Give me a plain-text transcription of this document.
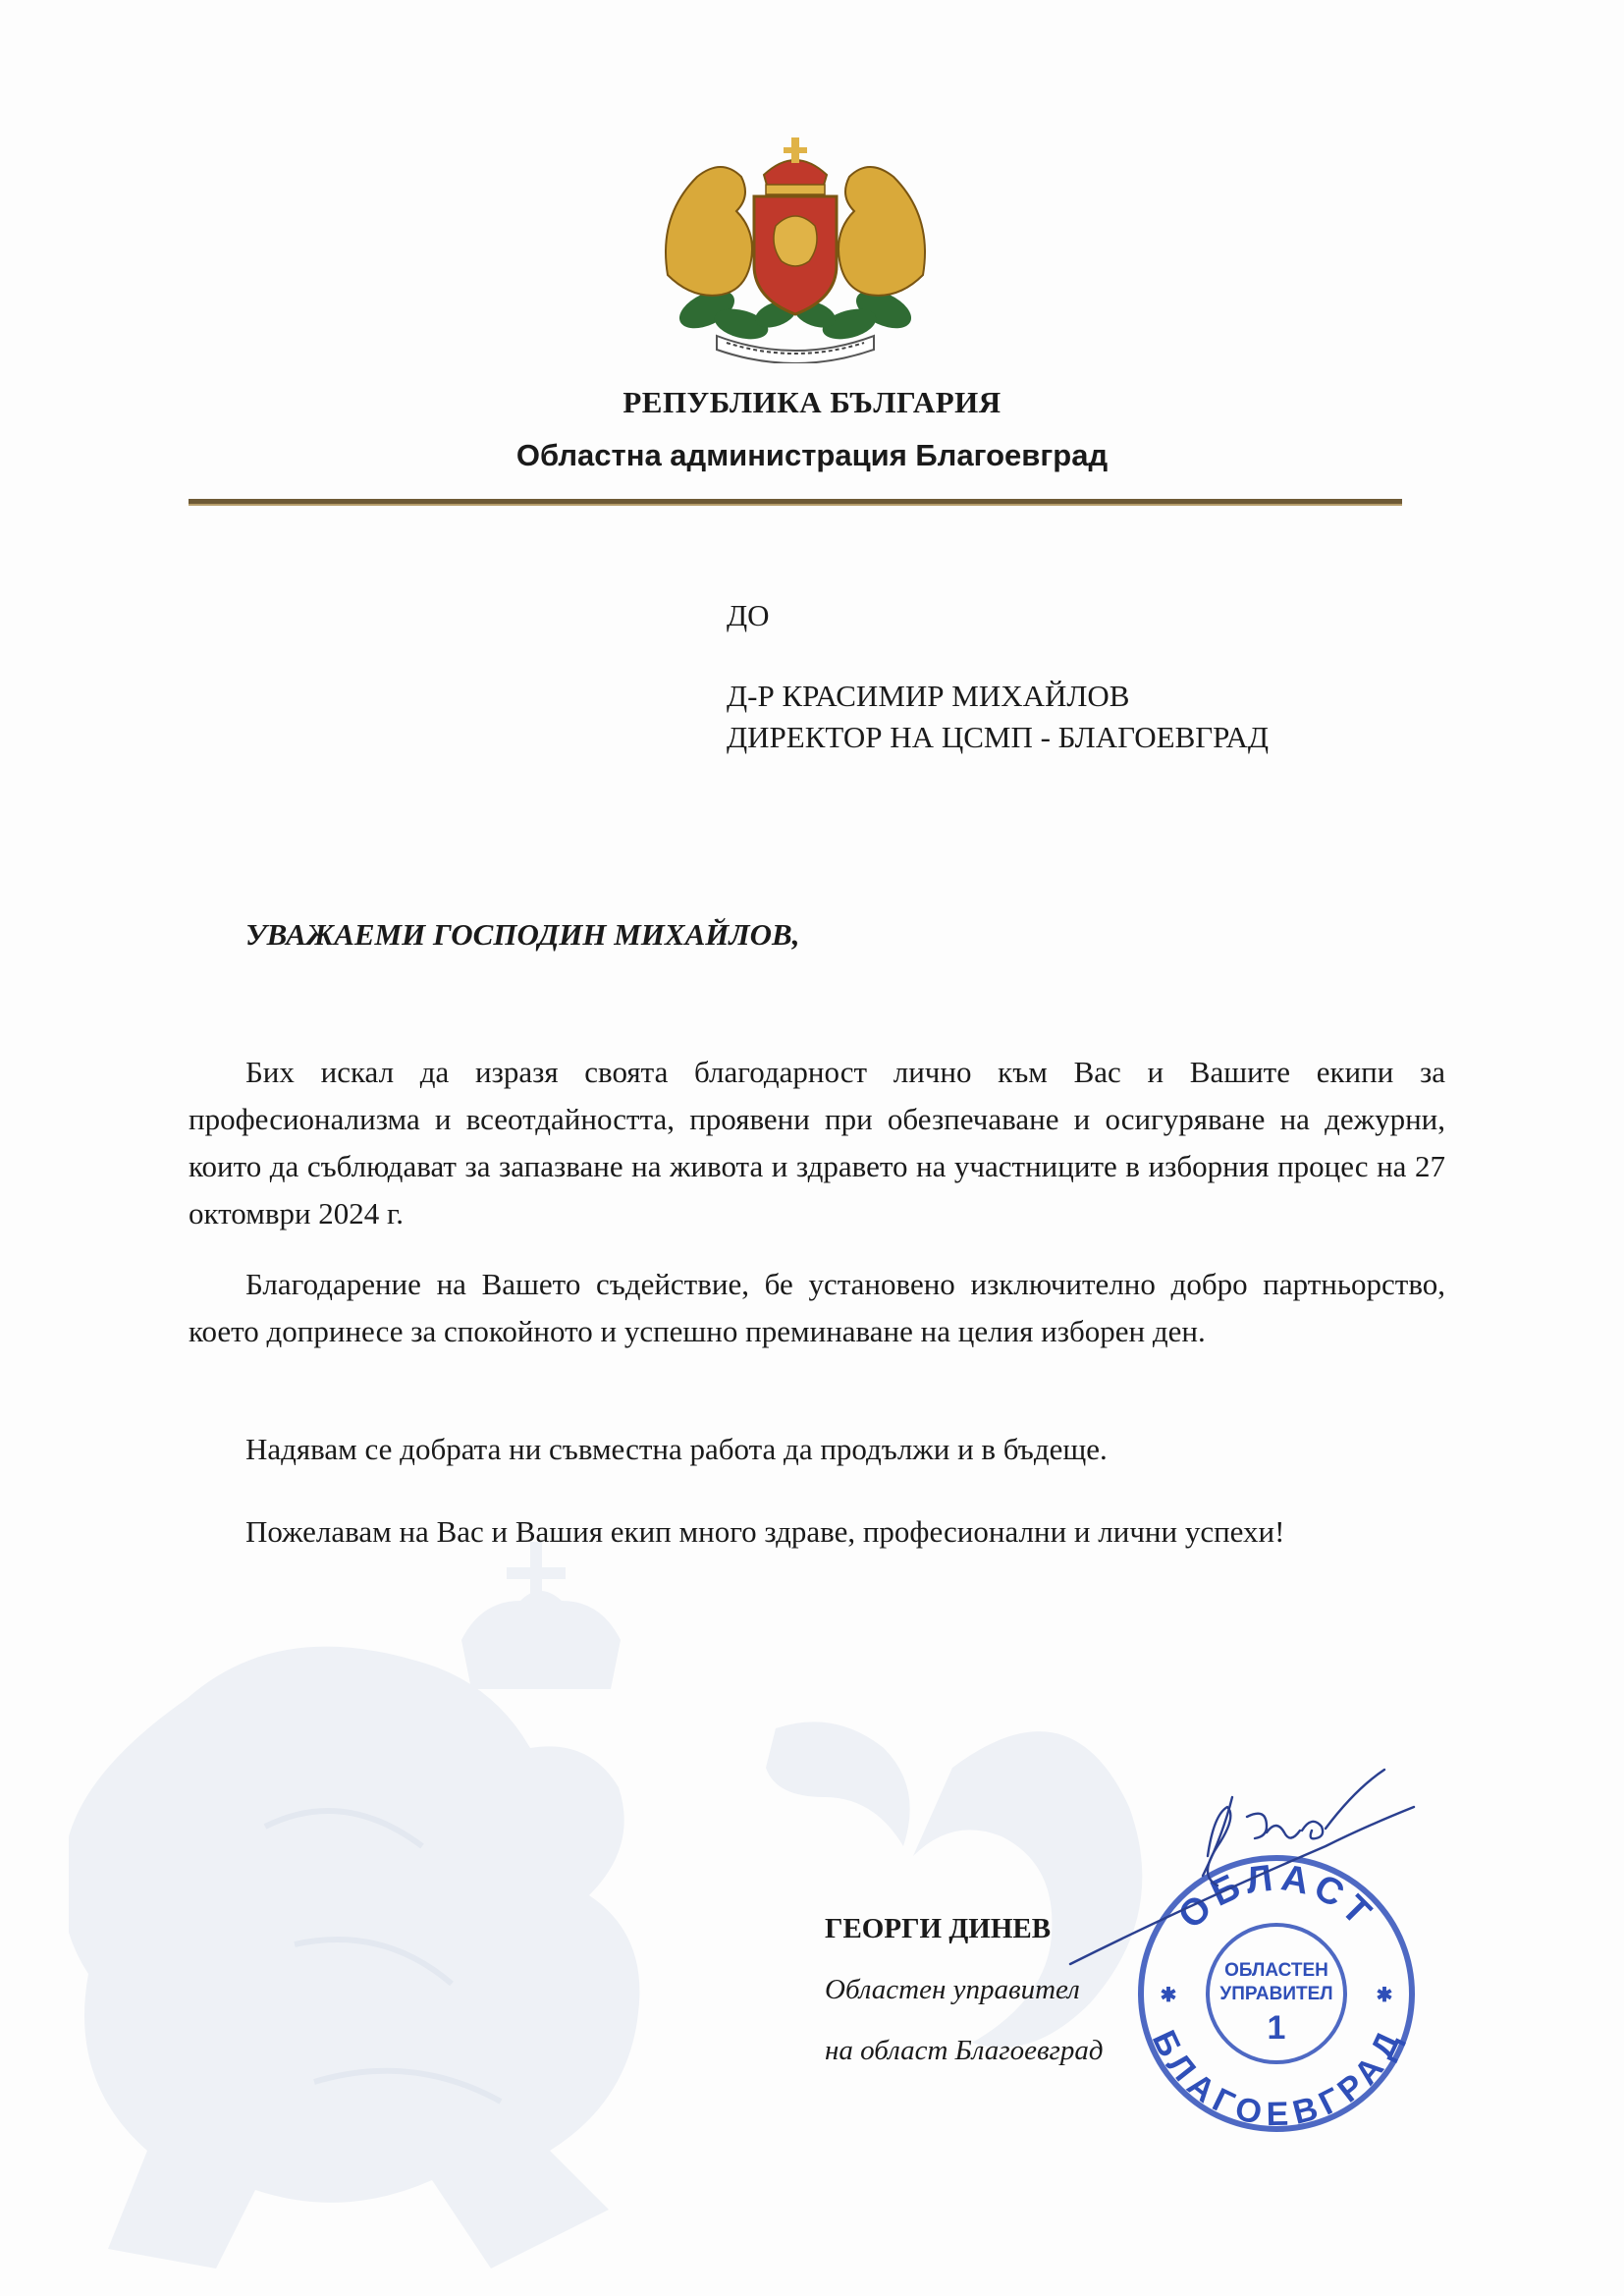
РЕПУБЛИКА БЪЛГАРИЯ
Областна администрация Благоевград
ДО
Д-Р КРАСИМИР МИХАЙЛОВ
ДИРЕКТОР НА ЦСМП - БЛАГОЕВГРАД
УВАЖАЕМИ ГОСПОДИН МИХАЙЛОВ,

Бих искал да изразя своята благодарност лично към Вас и Вашите екипи за професионализма и всеотдайността, проявени при обезпечаване и осигуряване на дежурни, които да съблюдават за запазване на живота и здравето на участниците в изборния процес на 27 октомври 2024 г.

Благодарение на Вашето съдействие, бе установено изключително добро партньорство, което допринесе за спокойното и успешно преминаване на целия изборен ден.

Надявам се добрата ни съвместна работа да продължи и в бъдеще.

Пожелавам на Вас и Вашия екип много здраве, професионални и лични успехи!

ГЕОРГИ ДИНЕВ
Областен управител
на област Благоевград
ОБЛАСТ
БЛАГОЕВГРАД
ОБЛАСТЕН
УПРАВИТЕЛ
1
✱	✱
